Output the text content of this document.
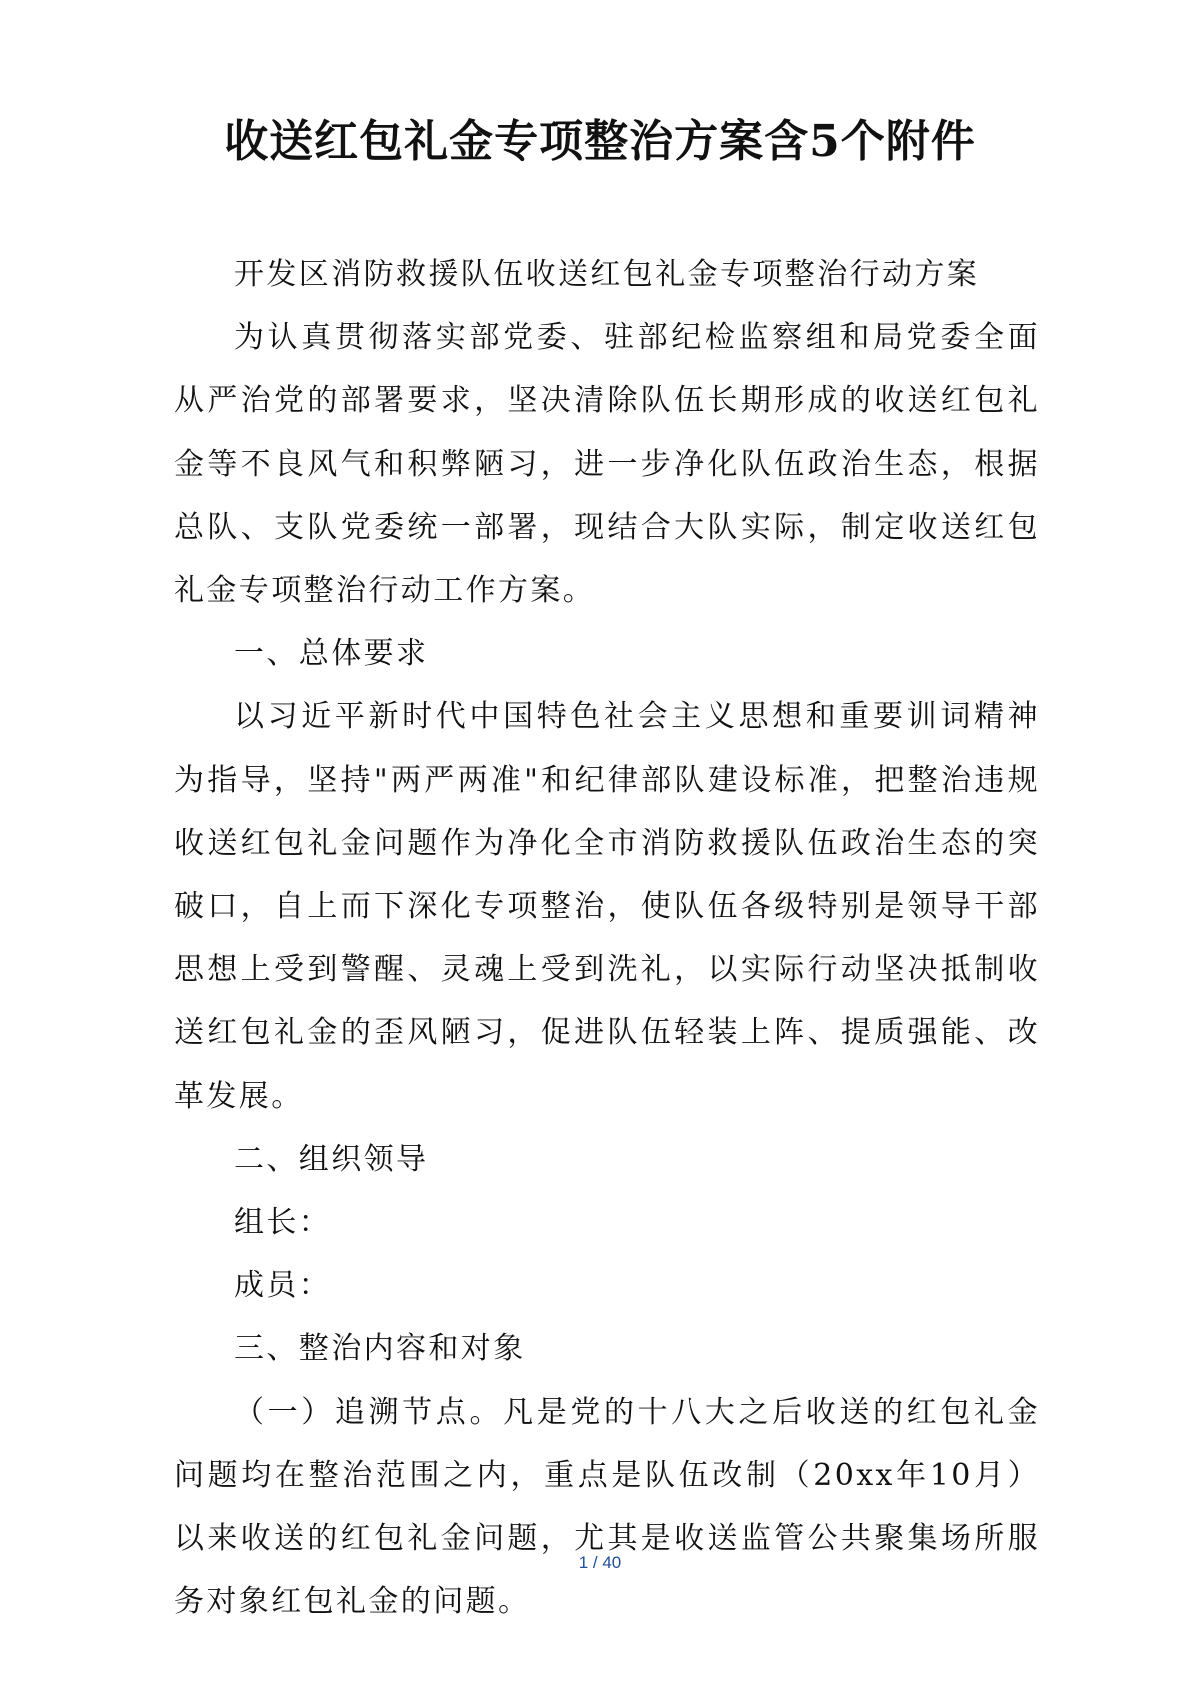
收送红包礼金专项整治方案含5个附件

开发区消防救援队伍收送红包礼金专项整治行动方案

为认真贯彻落实部党委、驻部纪检监察组和局党委全面从严治党的部署要求，坚决清除队伍长期形成的收送红包礼金等不良风气和积弊陋习，进一步净化队伍政治生态，根据总队、支队党委统一部署，现结合大队实际，制定收送红包礼金专项整治行动工作方案。

一、总体要求

以习近平新时代中国特色社会主义思想和重要训词精神为指导，坚持"两严两准"和纪律部队建设标准，把整治违规收送红包礼金问题作为净化全市消防救援队伍政治生态的突破口，自上而下深化专项整治，使队伍各级特别是领导干部思想上受到警醒、灵魂上受到洗礼，以实际行动坚决抵制收送红包礼金的歪风陋习，促进队伍轻装上阵、提质强能、改革发展。

二、组织领导

组长：

成员：

三、整治内容和对象

（一）追溯节点。凡是党的十八大之后收送的红包礼金问题均在整治范围之内，重点是队伍改制（20xx年10月）以来收送的红包礼金问题，尤其是收送监管公共聚集场所服务对象红包礼金的问题。

1 / 40
